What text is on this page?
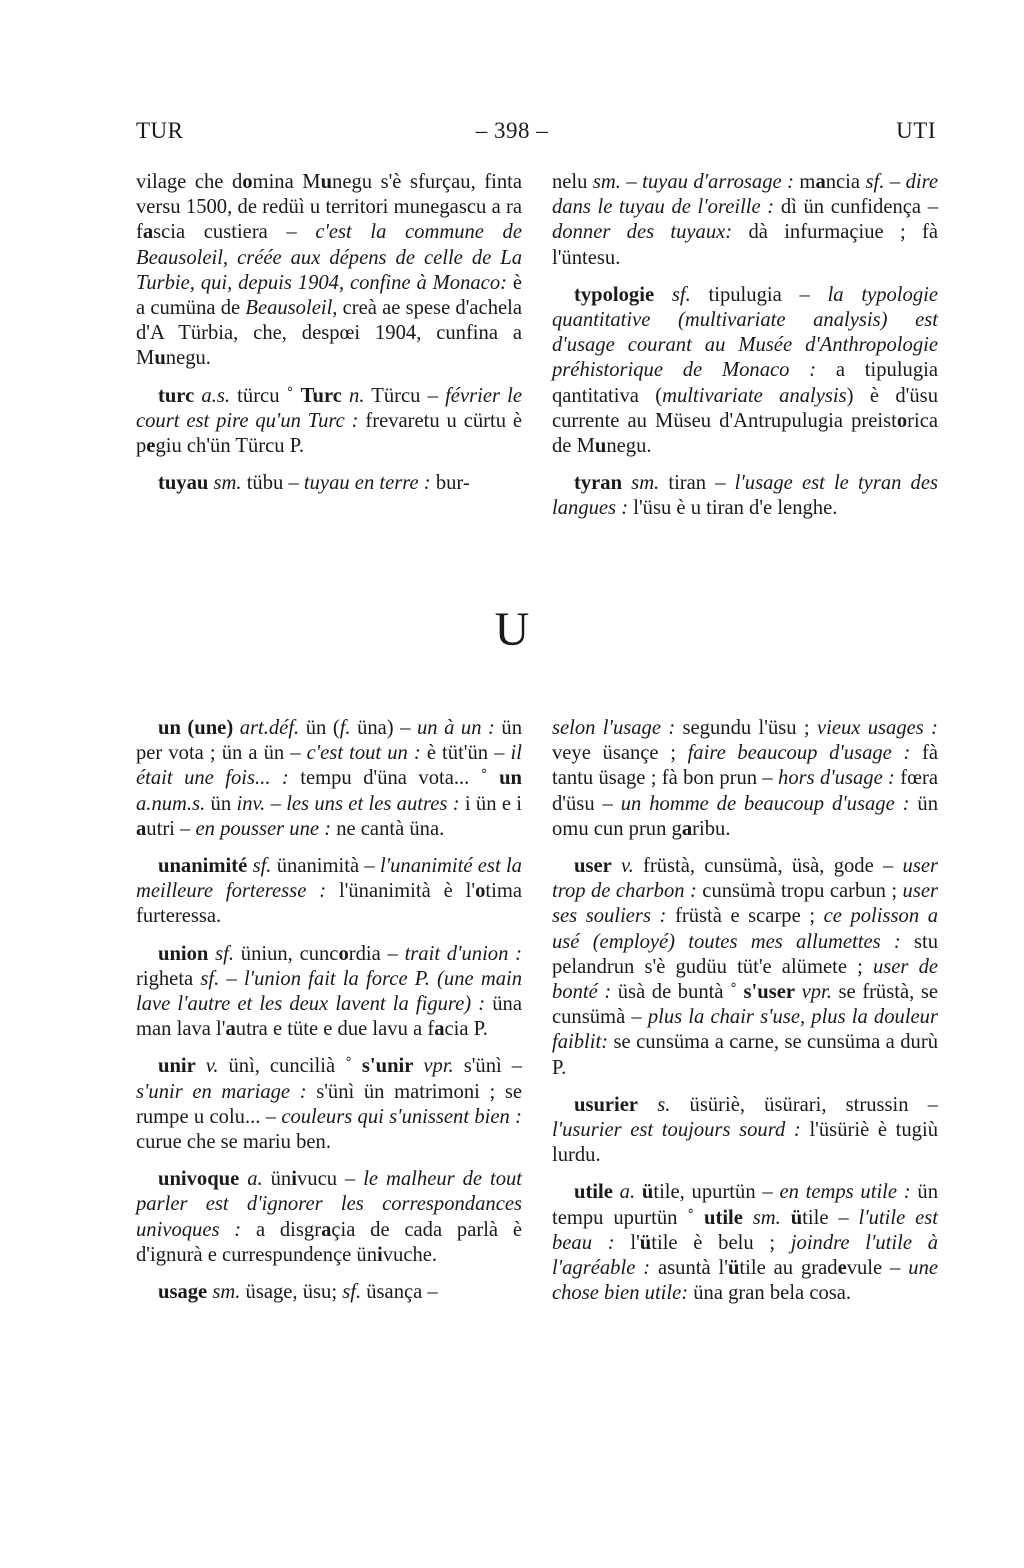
TUR	– 398 –	UTI

vilage che domina Munegu s'è sfurçau, finta versu 1500, de redüì u territori munegascu a ra fascia custiera – c'est la commune de Beausoleil, créée aux dépens de celle de La Turbie, qui, depuis 1904, confine à Monaco: è a cumüna de Beausoleil, creà ae spese d'achela d'A Türbia, che, despœi 1904, cunfina a Munegu.

turc a.s. türcu ˚ Turc n. Türcu – février le court est pire qu'un Turc : frevaretu u cürtu è pegiu ch'ün Türcu P.

tuyau sm. tübu – tuyau en terre : bur-

nelu sm. – tuyau d'arrosage : mancia sf. – dire dans le tuyau de l'oreille : dì ün cunfidença – donner des tuyaux: dà infurmaçiue ; fà l'üntesu.

typologie sf. tipulugia – la typologie quantitative (multivariate analysis) est d'usage courant au Musée d'Anthropologie préhistorique de Monaco : a tipulugia qantitativa (multivariate analysis) è d'üsu currente au Müseu d'Antrupulugia preistorica de Munegu.

tyran sm. tiran – l'usage est le tyran des langues : l'üsu è u tiran d'e lenghe.

U

un (une) art.déf. ün (f. üna) – un à un : ün per vota ; ün a ün – c'est tout un : è tüt'ün – il était une fois... : tempu d'üna vota... ˚ un a.num.s. ün inv. – les uns et les autres : i ün e i autri – en pousser une : ne cantà üna.

unanimité sf. ünanimità – l'unanimité est la meilleure forteresse : l'ünanimità è l'otima furteressa.

union sf. üniun, cuncordia – trait d'union : righeta sf. – l'union fait la force P. (une main lave l'autre et les deux lavent la figure) : üna man lava l'autra e tüte e due lavu a facia P.

unir v. ünì, cuncilià ˚ s'unir vpr. s'ünì – s'unir en mariage : s'ünì ün matrimoni ; se rumpe u colu... – couleurs qui s'unissent bien : curue che se mariu ben.

univoque a. ünivucu – le malheur de tout parler est d'ignorer les correspondances univoques : a disgraçia de cada parlà è d'ignurà e currespundençe ünivuche.

usage sm. üsage, üsu; sf. üsança –

selon l'usage : segundu l'üsu ; vieux usages : veye üsançe ; faire beaucoup d'usage : fà tantu üsage ; fà bon prun – hors d'usage : fœra d'üsu – un homme de beaucoup d'usage : ün omu cun prun garibu.

user v. früstà, cunsümà, üsà, gode – user trop de charbon : cunsümà tropu carbun ; user ses souliers : früstà e scarpe ; ce polisson a usé (employé) toutes mes allumettes : stu pelandrun s'è gudüu tüt'e alümete ; user de bonté : üsà de buntà ˚ s'user vpr. se früstà, se cunsümà – plus la chair s'use, plus la douleur faiblit: se cunsüma a carne, se cunsüma a durù P.

usurier s. üsüriè, üsürari, strussin – l'usurier est toujours sourd : l'üsüriè è tugiù lurdu.

utile a. ütile, upurtün – en temps utile : ün tempu upurtün ˚ utile sm. ütile – l'utile est beau : l'ütile è belu ; joindre l'utile à l'agréable : asuntà l'ütile au gradevule – une chose bien utile: üna gran bela cosa.
